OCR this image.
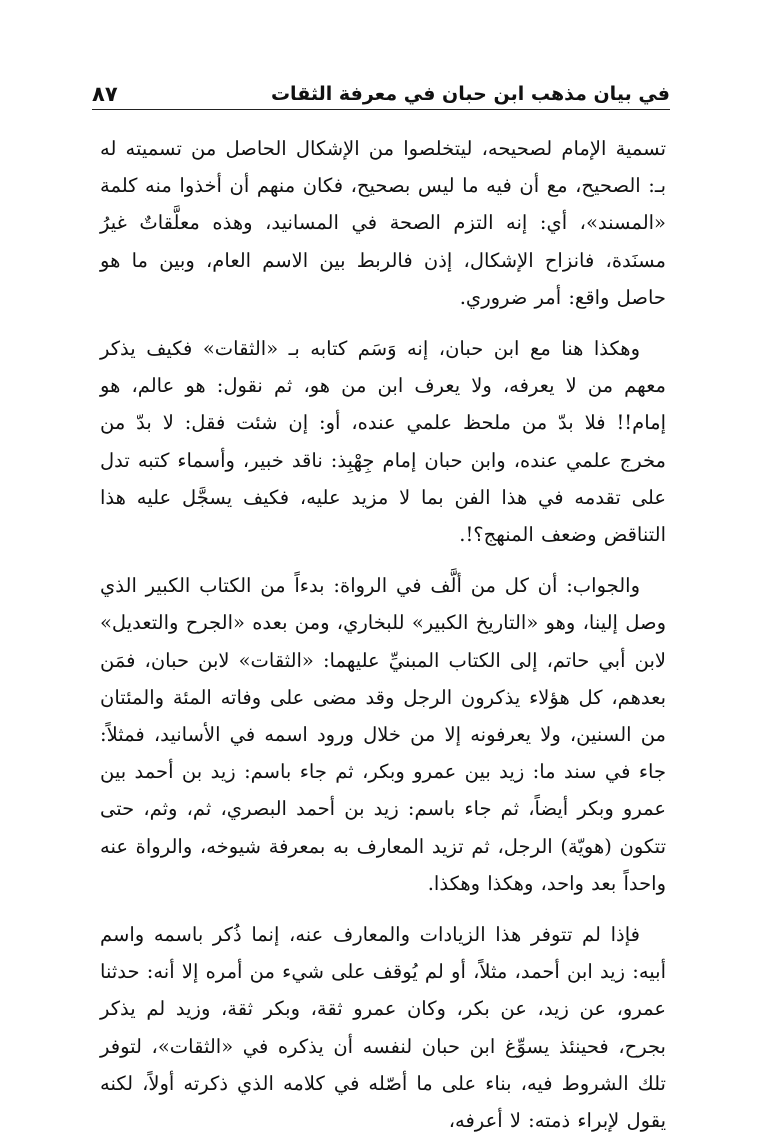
في بيان مذهب ابن حبان في معرفة الثقات
٨٧

تسمية الإمام لصحيحه، ليتخلصوا من الإشكال الحاصل من تسميته له بـ: الصحيح، مع أن فيه ما ليس بصحيح، فكان منهم أن أخذوا منه كلمة «المسند»، أي: إنه التزم الصحة في المسانيد، وهذه معلَّقاتٌ غيرُ مسنَدة، فانزاح الإشكال، إذن فالربط بين الاسم العام، وبين ما هو حاصل واقع: أمر ضروري.

وهكذا هنا مع ابن حبان، إنه وَسَم كتابه بـ «الثقات» فكيف يذكر معهم من لا يعرفه، ولا يعرف ابن من هو، ثم نقول: هو عالم، هو إمام!! فلا بدّ من ملحظ علمي عنده، أو: إن شئت فقل: لا بدّ من مخرج علمي عنده، وابن حبان إمام جِهْبِذ: ناقد خبير، وأسماء كتبه تدل على تقدمه في هذا الفن بما لا مزيد عليه، فكيف يسجَّل عليه هذا التناقض وضعف المنهج؟!.

والجواب: أن كل من ألَّف في الرواة: بدءاً من الكتاب الكبير الذي وصل إلينا، وهو «التاريخ الكبير» للبخاري، ومن بعده «الجرح والتعديل» لابن أبي حاتم، إلى الكتاب المبنيِّ عليهما: «الثقات» لابن حبان، فمَن بعدهم، كل هؤلاء يذكرون الرجل وقد مضى على وفاته المئة والمئتان من السنين، ولا يعرفونه إلا من خلال ورود اسمه في الأسانيد، فمثلاً: جاء في سند ما: زيد بين عمرو وبكر، ثم جاء باسم: زيد بن أحمد بين عمرو وبكر أيضاً، ثم جاء باسم: زيد بن أحمد البصري، ثم، وثم، حتى تتكون (هويّة) الرجل، ثم تزيد المعارف به بمعرفة شيوخه، والرواة عنه واحداً بعد واحد، وهكذا وهكذا.

فإذا لم تتوفر هذا الزيادات والمعارف عنه، إنما ذُكر باسمه واسم أبيه: زيد ابن أحمد، مثلاً، أو لم يُوقف على شيء من أمره إلا أنه: حدثنا عمرو، عن زيد، عن بكر، وكان عمرو ثقة، وبكر ثقة، وزيد لم يذكر بجرح، فحينئذ يسوِّغ ابن حبان لنفسه أن يذكره في «الثقات»، لتوفر تلك الشروط فيه، بناء على ما أصّله في كلامه الذي ذكرته أولاً، لكنه يقول لإبراء ذمته: لا أعرفه،
